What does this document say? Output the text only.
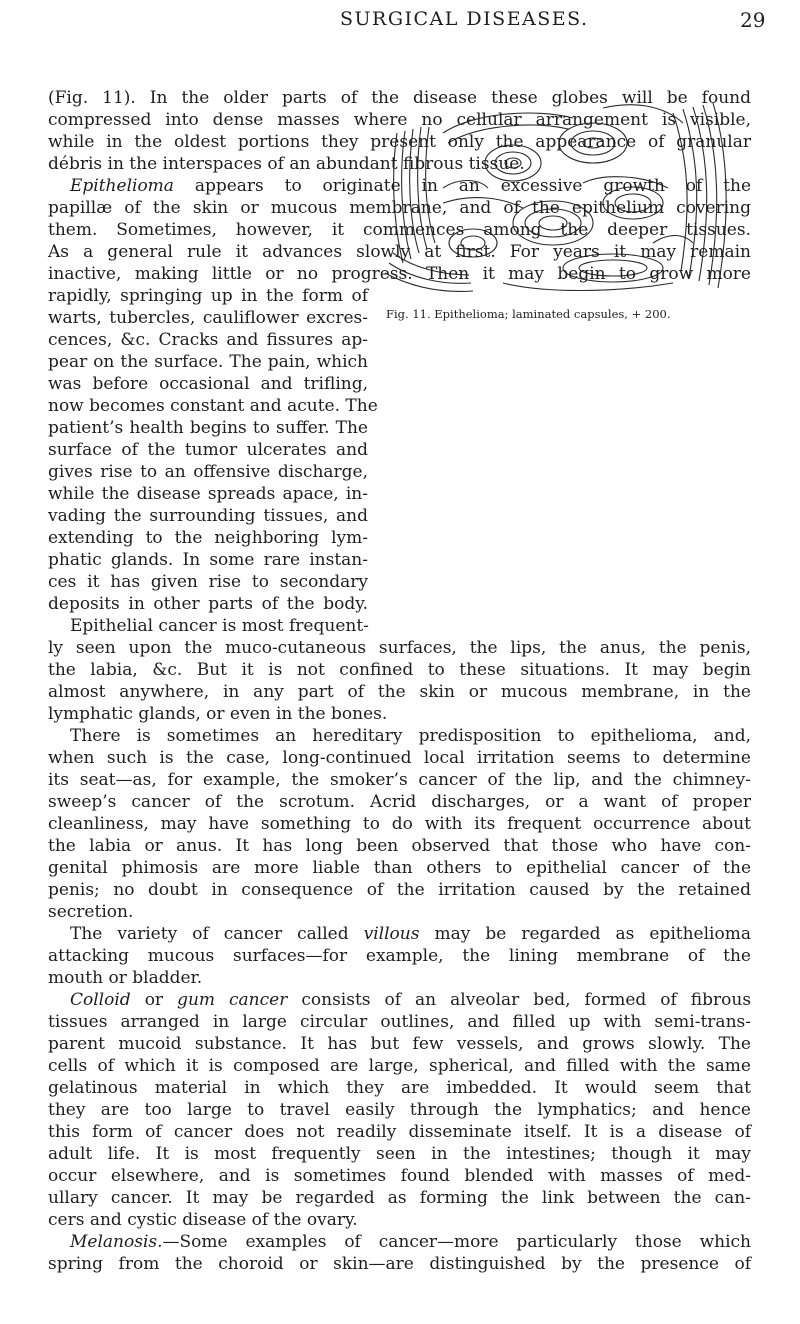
SURGICAL DISEASES.	29
Fig. 11. Epithelioma; laminated capsules, + 200.
(Fig. 11). In the older parts of the disease these globes will be found
compressed into dense masses where no cellular arrangement is visible,
while in the oldest portions they present only the appearance of granular
débris in the interspaces of an abundant fibrous tissue.
Epithelioma appears to originate in an excessive growth of the
papillæ of the skin or mucous membrane, and of the epithelium covering
them. Sometimes, however, it commences among the deeper tissues.
As a general rule it advances slowly at first. For years it may remain
inactive, making little or no progress. Then it may begin to grow more
rapidly, springing up in the form of
warts, tubercles, cauliflower excres-
cences, &c. Cracks and fissures ap-
pear on the surface. The pain, which
was before occasional and trifling,
now becomes constant and acute. The
patient’s health begins to suffer. The
surface of the tumor ulcerates and
gives rise to an offensive discharge,
while the disease spreads apace, in-
vading the surrounding tissues, and
extending to the neighboring lym-
phatic glands. In some rare instan-
ces it has given rise to secondary
deposits in other parts of the body.
Epithelial cancer is most frequent-
ly seen upon the muco-cutaneous surfaces, the lips, the anus, the penis,
the labia, &c. But it is not confined to these situations. It may begin
almost anywhere, in any part of the skin or mucous membrane, in the
lymphatic glands, or even in the bones.
There is sometimes an hereditary predisposition to epithelioma, and,
when such is the case, long-continued local irritation seems to determine
its seat—as, for example, the smoker’s cancer of the lip, and the chimney-
sweep’s cancer of the scrotum. Acrid discharges, or a want of proper
cleanliness, may have something to do with its frequent occurrence about
the labia or anus. It has long been observed that those who have con-
genital phimosis are more liable than others to epithelial cancer of the
penis; no doubt in consequence of the irritation caused by the retained
secretion.
The variety of cancer called villous may be regarded as epithelioma
attacking mucous surfaces—for example, the lining membrane of the
mouth or bladder.
Colloid or gum cancer consists of an alveolar bed, formed of fibrous
tissues arranged in large circular outlines, and filled up with semi-trans-
parent mucoid substance. It has but few vessels, and grows slowly. The
cells of which it is composed are large, spherical, and filled with the same
gelatinous material in which they are imbedded. It would seem that
they are too large to travel easily through the lymphatics; and hence
this form of cancer does not readily disseminate itself. It is a disease of
adult life. It is most frequently seen in the intestines; though it may
occur elsewhere, and is sometimes found blended with masses of med-
ullary cancer. It may be regarded as forming the link between the can-
cers and cystic disease of the ovary.
Melanosis.—Some examples of cancer—more particularly those which
spring from the choroid or skin—are distinguished by the presence of
